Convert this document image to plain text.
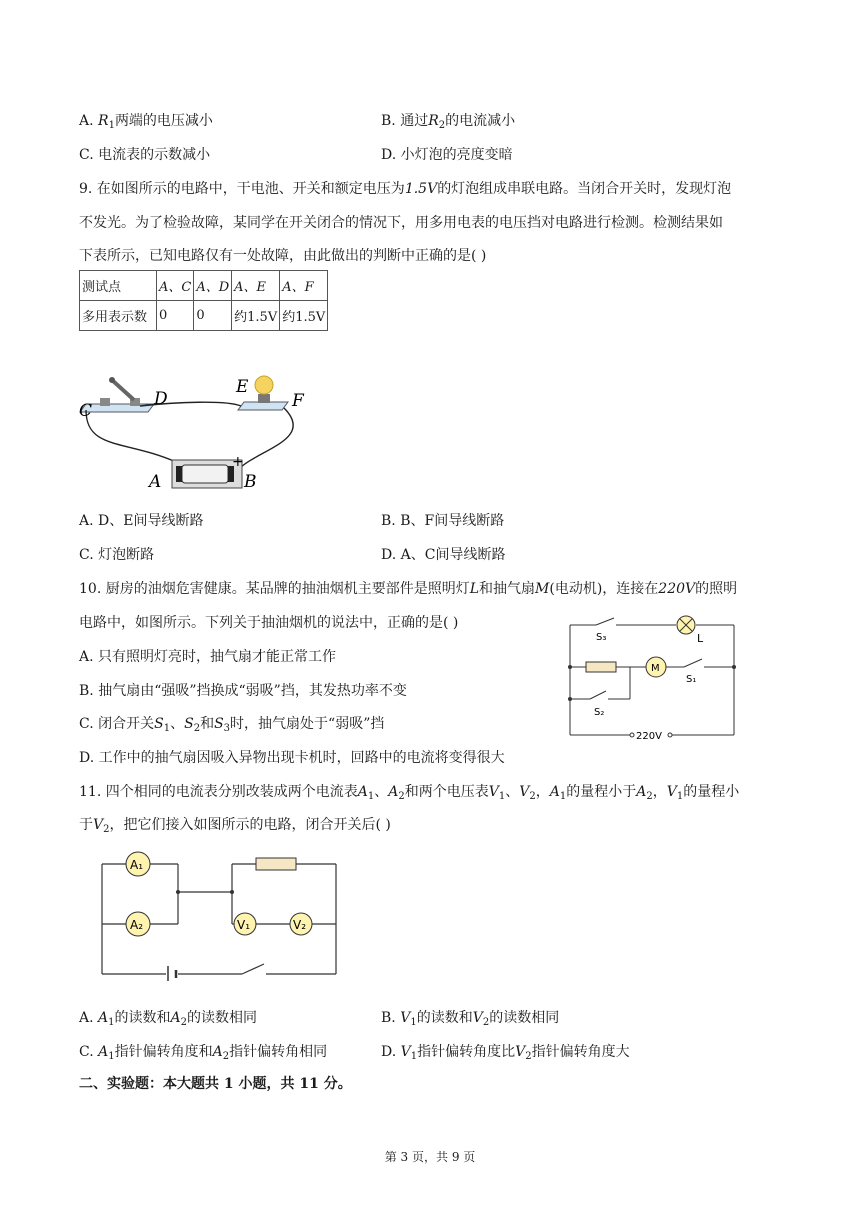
A. $R_1$两端的电压减小	B. 通过$R_2$的电流减小
C. 电流表的示数减小	D. 小灯泡的亮度变暗
9. 在如图所示的电路中，干电池、开关和额定电压为1.5V的灯泡组成串联电路。当闭合开关时，发现灯泡
不发光。为了检验故障，某同学在开关闭合的情况下，用多用电表的电压挡对电路进行检测。检测结果如
下表所示，已知电路仅有一处故障，由此做出的判断中正确的是( )
测试点	A、C	A、D	A、E	A、F
多用表示数	0	0	约1.5V	约1.5V
C
D
E
F
A	B
+
A. D、E间导线断路	B. B、F间导线断路
C. 灯泡断路	D. A、C间导线断路
10. 厨房的油烟危害健康。某品牌的抽油烟机主要部件是照明灯L和抽气扇M(电动机)，连接在220V的照明
电路中，如图所示。下列关于抽油烟机的说法中，正确的是( )
A. 只有照明灯亮时，抽气扇才能正常工作
B. 抽气扇由“强吸”挡换成“弱吸”挡，其发热功率不变
C. 闭合开关$S_1$、$S_2$和$S_3$时，抽气扇处于“弱吸”挡
D. 工作中的抽气扇因吸入异物出现卡机时，回路中的电流将变得很大
S₃	L
M
S₁
S₂
220V
11. 四个相同的电流表分别改装成两个电流表$A_1$、$A_2$和两个电压表$V_1$、$V_2$，$A_1$的量程小于$A_2$，$V_1$的量程小
于$V_2$，把它们接入如图所示的电路，闭合开关后( )
A₁
A₂	V₁	V₂
A. $A_1$的读数和$A_2$的读数相同	B. $V_1$的读数和$V_2$的读数相同
C. $A_1$指针偏转角度和$A_2$指针偏转角相同	D. $V_1$指针偏转角度比$V_2$指针偏转角度大
二、实验题：本大题共 1 小题，共 11 分。
第 3 页，共 9 页
